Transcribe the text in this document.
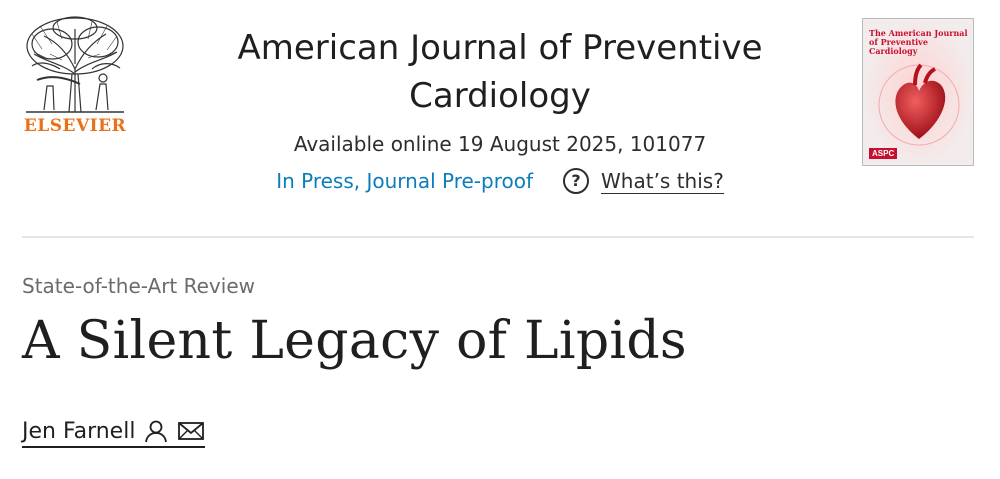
ELSEVIER
American Journal of Preventive Cardiology
Available online 19 August 2025, 101077
In Press, Journal Pre-proof	?	What’s this?
The American Journal of Preventive Cardiology
ASPC
State-of-the-Art Review
A Silent Legacy of Lipids
Jen Farnell
